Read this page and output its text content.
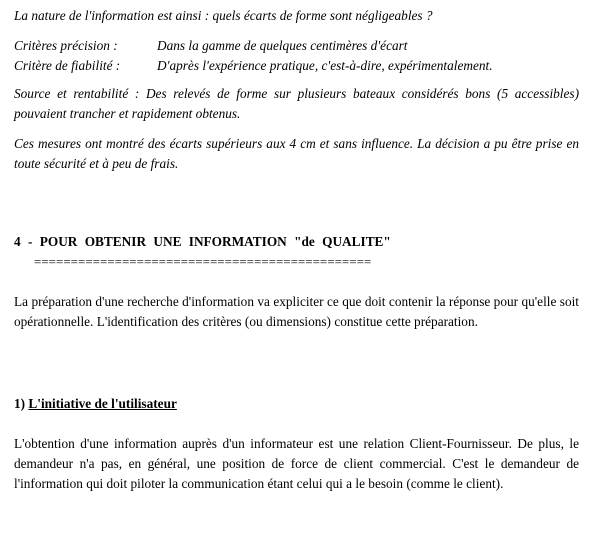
La nature de l'information est ainsi : quels écarts de forme sont négligeables ?
Critères précision :	Dans la gamme de quelques centimères d'écart
Critère de fiabilité :	D'après l'expérience pratique, c'est-à-dire, expérimentalement.
Source et rentabilité : Des relevés de forme sur plusieurs bateaux considérés bons (5 accessibles) pouvaient trancher et rapidement obtenus.
Ces mesures ont montré des écarts supérieurs aux 4 cm et sans influence. La décision a pu être prise en toute sécurité et à peu de frais.
4 - POUR OBTENIR UNE INFORMATION "de QUALITE"
==============================================
La préparation d'une recherche d'information va expliciter ce que doit contenir la réponse pour qu'elle soit opérationnelle. L'identification des critères (ou dimensions) constitue cette préparation.
1) L'initiative de l'utilisateur
L'obtention d'une information auprès d'un informateur est une relation Client-Fournisseur. De plus, le demandeur n'a pas, en général, une position de force de client commercial. C'est le demandeur de l'information qui doit piloter la communication étant celui qui a le besoin (comme le client).
